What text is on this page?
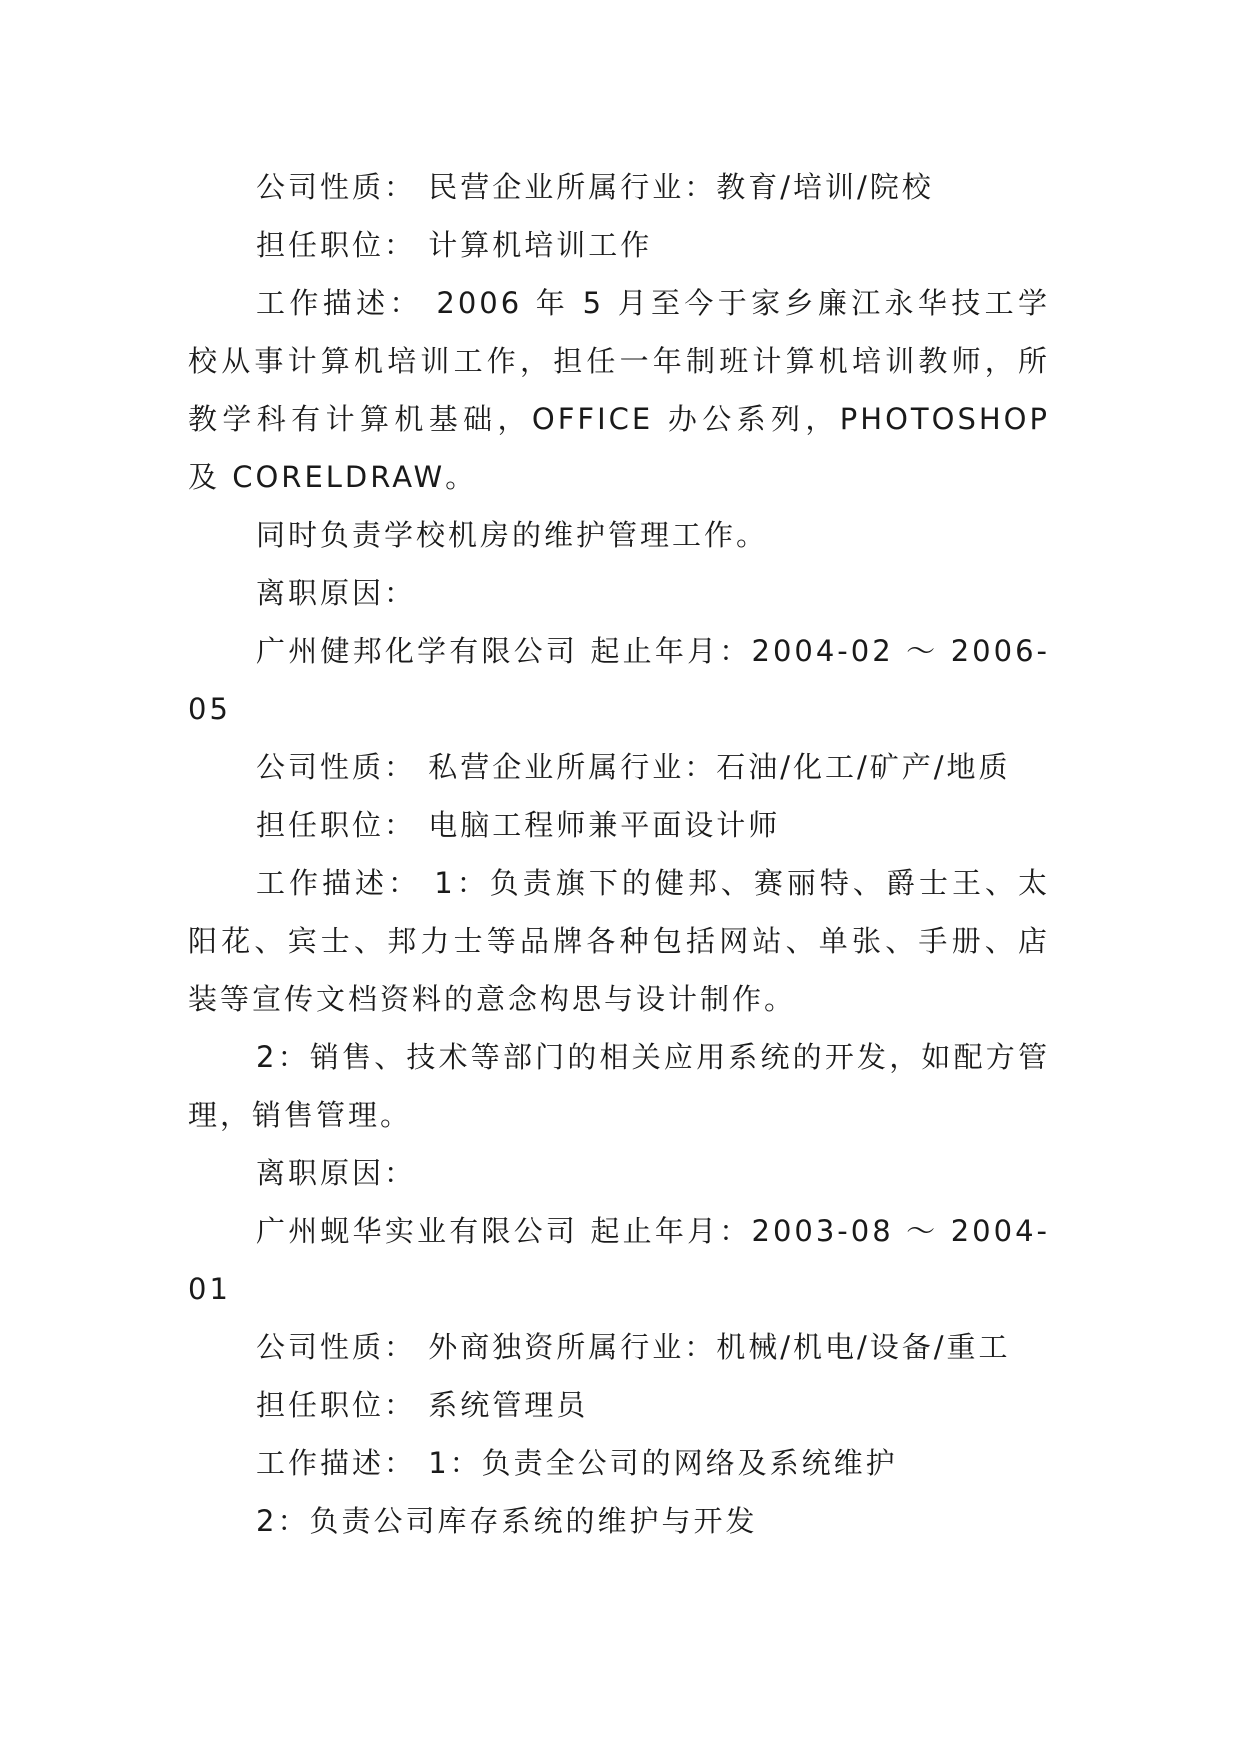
公司性质： 民营企业所属行业：教育/培训/院校

担任职位： 计算机培训工作

工作描述： 2006 年 5 月至今于家乡廉江永华技工学校从事计算机培训工作，担任一年制班计算机培训教师，所教学科有计算机基础，OFFICE 办公系列，PHOTOSHOP 及 CORELDRAW。

同时负责学校机房的维护管理工作。

离职原因：

广州健邦化学有限公司 起止年月：2004-02 ～ 2006-05

公司性质： 私营企业所属行业：石油/化工/矿产/地质

担任职位： 电脑工程师兼平面设计师

工作描述： 1：负责旗下的健邦、赛丽特、爵士王、太阳花、宾士、邦力士等品牌各种包括网站、单张、手册、店装等宣传文档资料的意念构思与设计制作。

2：销售、技术等部门的相关应用系统的开发，如配方管理，销售管理。

离职原因：

广州蚬华实业有限公司 起止年月：2003-08 ～ 2004-01

公司性质： 外商独资所属行业：机械/机电/设备/重工

担任职位： 系统管理员

工作描述： 1：负责全公司的网络及系统维护

2：负责公司库存系统的维护与开发
